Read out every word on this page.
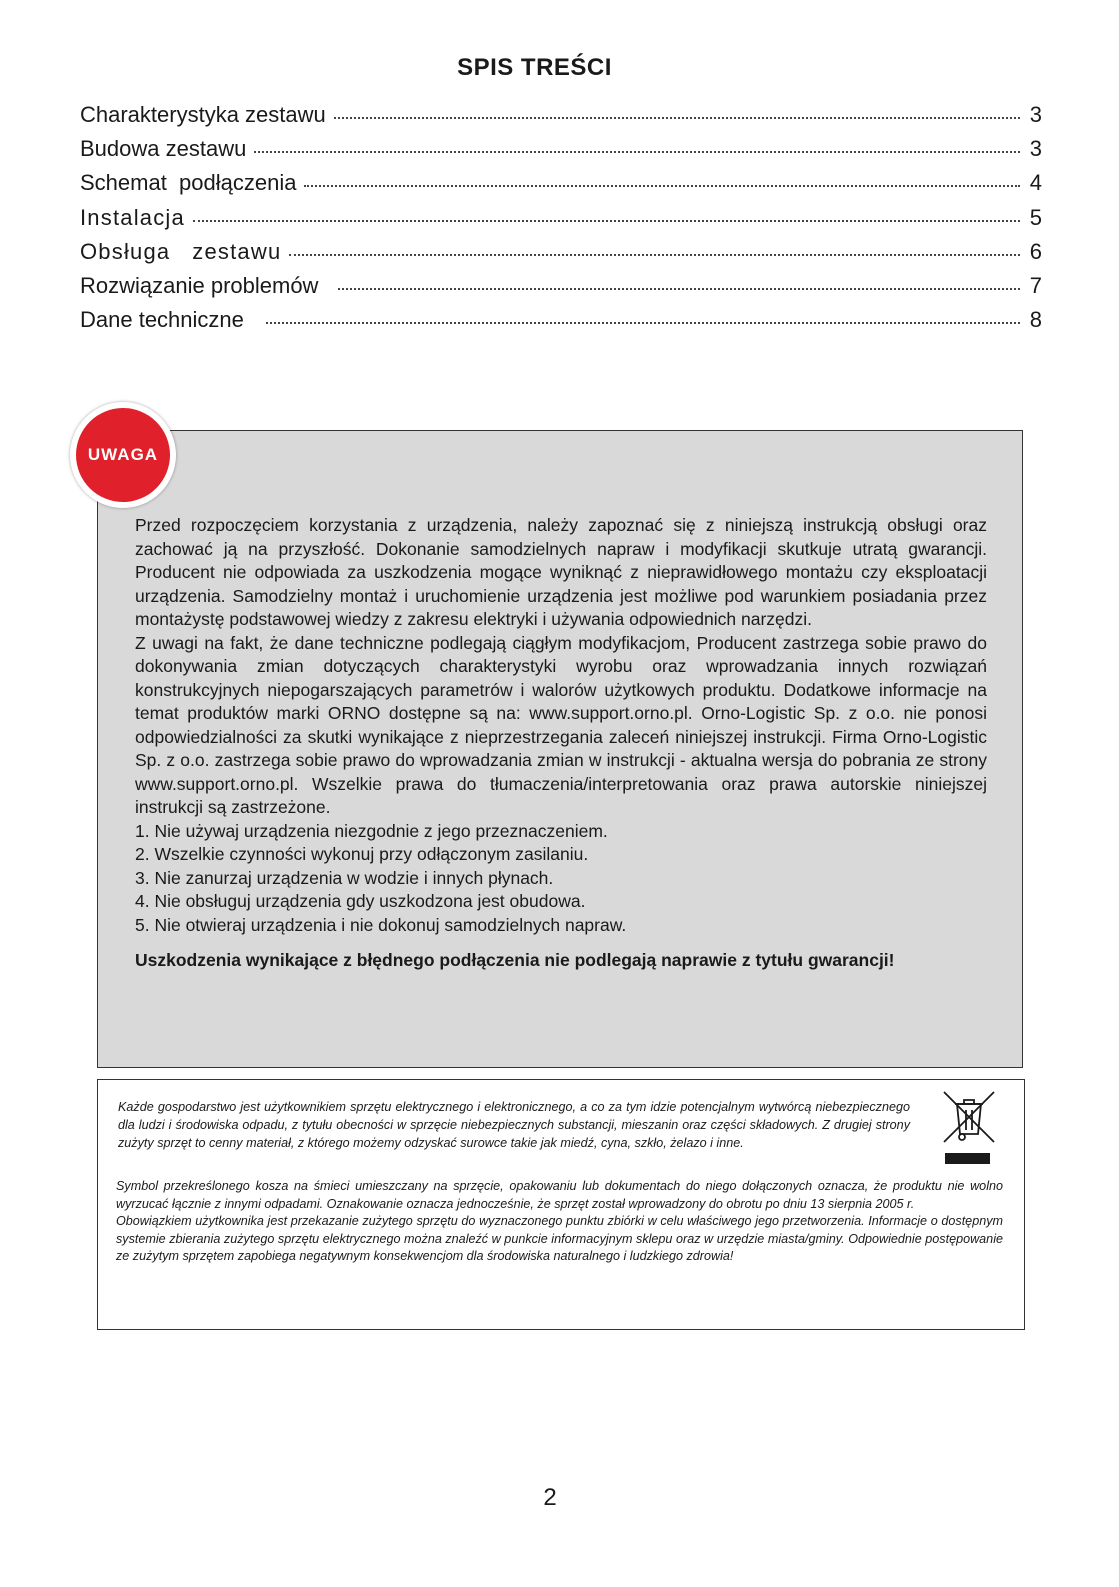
SPIS TREŚCI
Charakterystyka zestawu	3
Budowa zestawu	3
Schemat  podłączenia	4
Instalacja	5
Obsługa   zestawu	6
Rozwiązanie problemów	7
Dane techniczne	8
UWAGA

Przed rozpoczęciem korzystania z urządzenia, należy zapoznać się z niniejszą instrukcją obsługi oraz zachować ją na przyszłość. Dokonanie samodzielnych napraw i modyfikacji skutkuje utratą gwarancji. Producent nie odpowiada za uszkodzenia mogące wyniknąć z nieprawidłowego montażu czy eksploatacji urządzenia. Samodzielny montaż i uruchomienie urządzenia jest możliwe pod warunkiem posiadania przez montażystę podstawowej wiedzy z zakresu elektryki i używania odpowiednich narzędzi.

Z uwagi na fakt, że dane techniczne podlegają ciągłym modyfikacjom, Producent zastrzega sobie prawo do dokonywania zmian dotyczących charakterystyki wyrobu oraz wprowadzania innych rozwiązań konstrukcyjnych niepogarszających parametrów i walorów użytkowych produktu. Dodatkowe informacje na temat produktów marki ORNO dostępne są na: www.support.orno.pl. Orno-Logistic Sp. z o.o. nie ponosi odpowiedzialności za skutki wynikające z nieprzestrzegania zaleceń niniejszej instrukcji. Firma Orno-Logistic Sp. z o.o. zastrzega sobie prawo do wprowadzania zmian w instrukcji - aktualna wersja do pobrania ze strony www.support.orno.pl. Wszelkie prawa do tłumaczenia/interpretowania oraz prawa autorskie niniejszej instrukcji są zastrzeżone.

1. Nie używaj urządzenia niezgodnie z jego przeznaczeniem.
2. Wszelkie czynności wykonuj przy odłączonym zasilaniu.
3. Nie zanurzaj urządzenia w wodzie i innych płynach.
4. Nie obsługuj urządzenia gdy uszkodzona jest obudowa.
5. Nie otwieraj urządzenia i nie dokonuj samodzielnych napraw.

Uszkodzenia wynikające z błędnego podłączenia nie podlegają naprawie z tytułu gwarancji!

Każde gospodarstwo jest użytkownikiem sprzętu elektrycznego i elektronicznego, a co za tym idzie potencjalnym wytwórcą niebezpiecznego dla ludzi i środowiska odpadu, z tytułu obecności w sprzęcie niebezpiecznych substancji, mieszanin oraz części składowych. Z drugiej strony zużyty sprzęt to cenny materiał, z którego możemy odzyskać surowce takie jak miedź, cyna, szkło, żelazo i inne.

Symbol przekreślonego kosza na śmieci umieszczany na sprzęcie, opakowaniu lub dokumentach do niego dołączonych oznacza, że produktu nie wolno wyrzucać łącznie z innymi odpadami. Oznakowanie oznacza jednocześnie, że sprzęt został wprowadzony do obrotu po dniu 13 sierpnia 2005 r.
Obowiązkiem użytkownika jest przekazanie zużytego sprzętu do wyznaczonego punktu zbiórki w celu właściwego jego przetworzenia. Informacje o dostępnym systemie zbierania zużytego sprzętu elektrycznego można znaleźć w punkcie informacyjnym sklepu oraz w urzędzie miasta/gminy. Odpowiednie postępowanie ze zużytym sprzętem zapobiega negatywnym konsekwencjom dla środowiska naturalnego i ludzkiego zdrowia!

2
